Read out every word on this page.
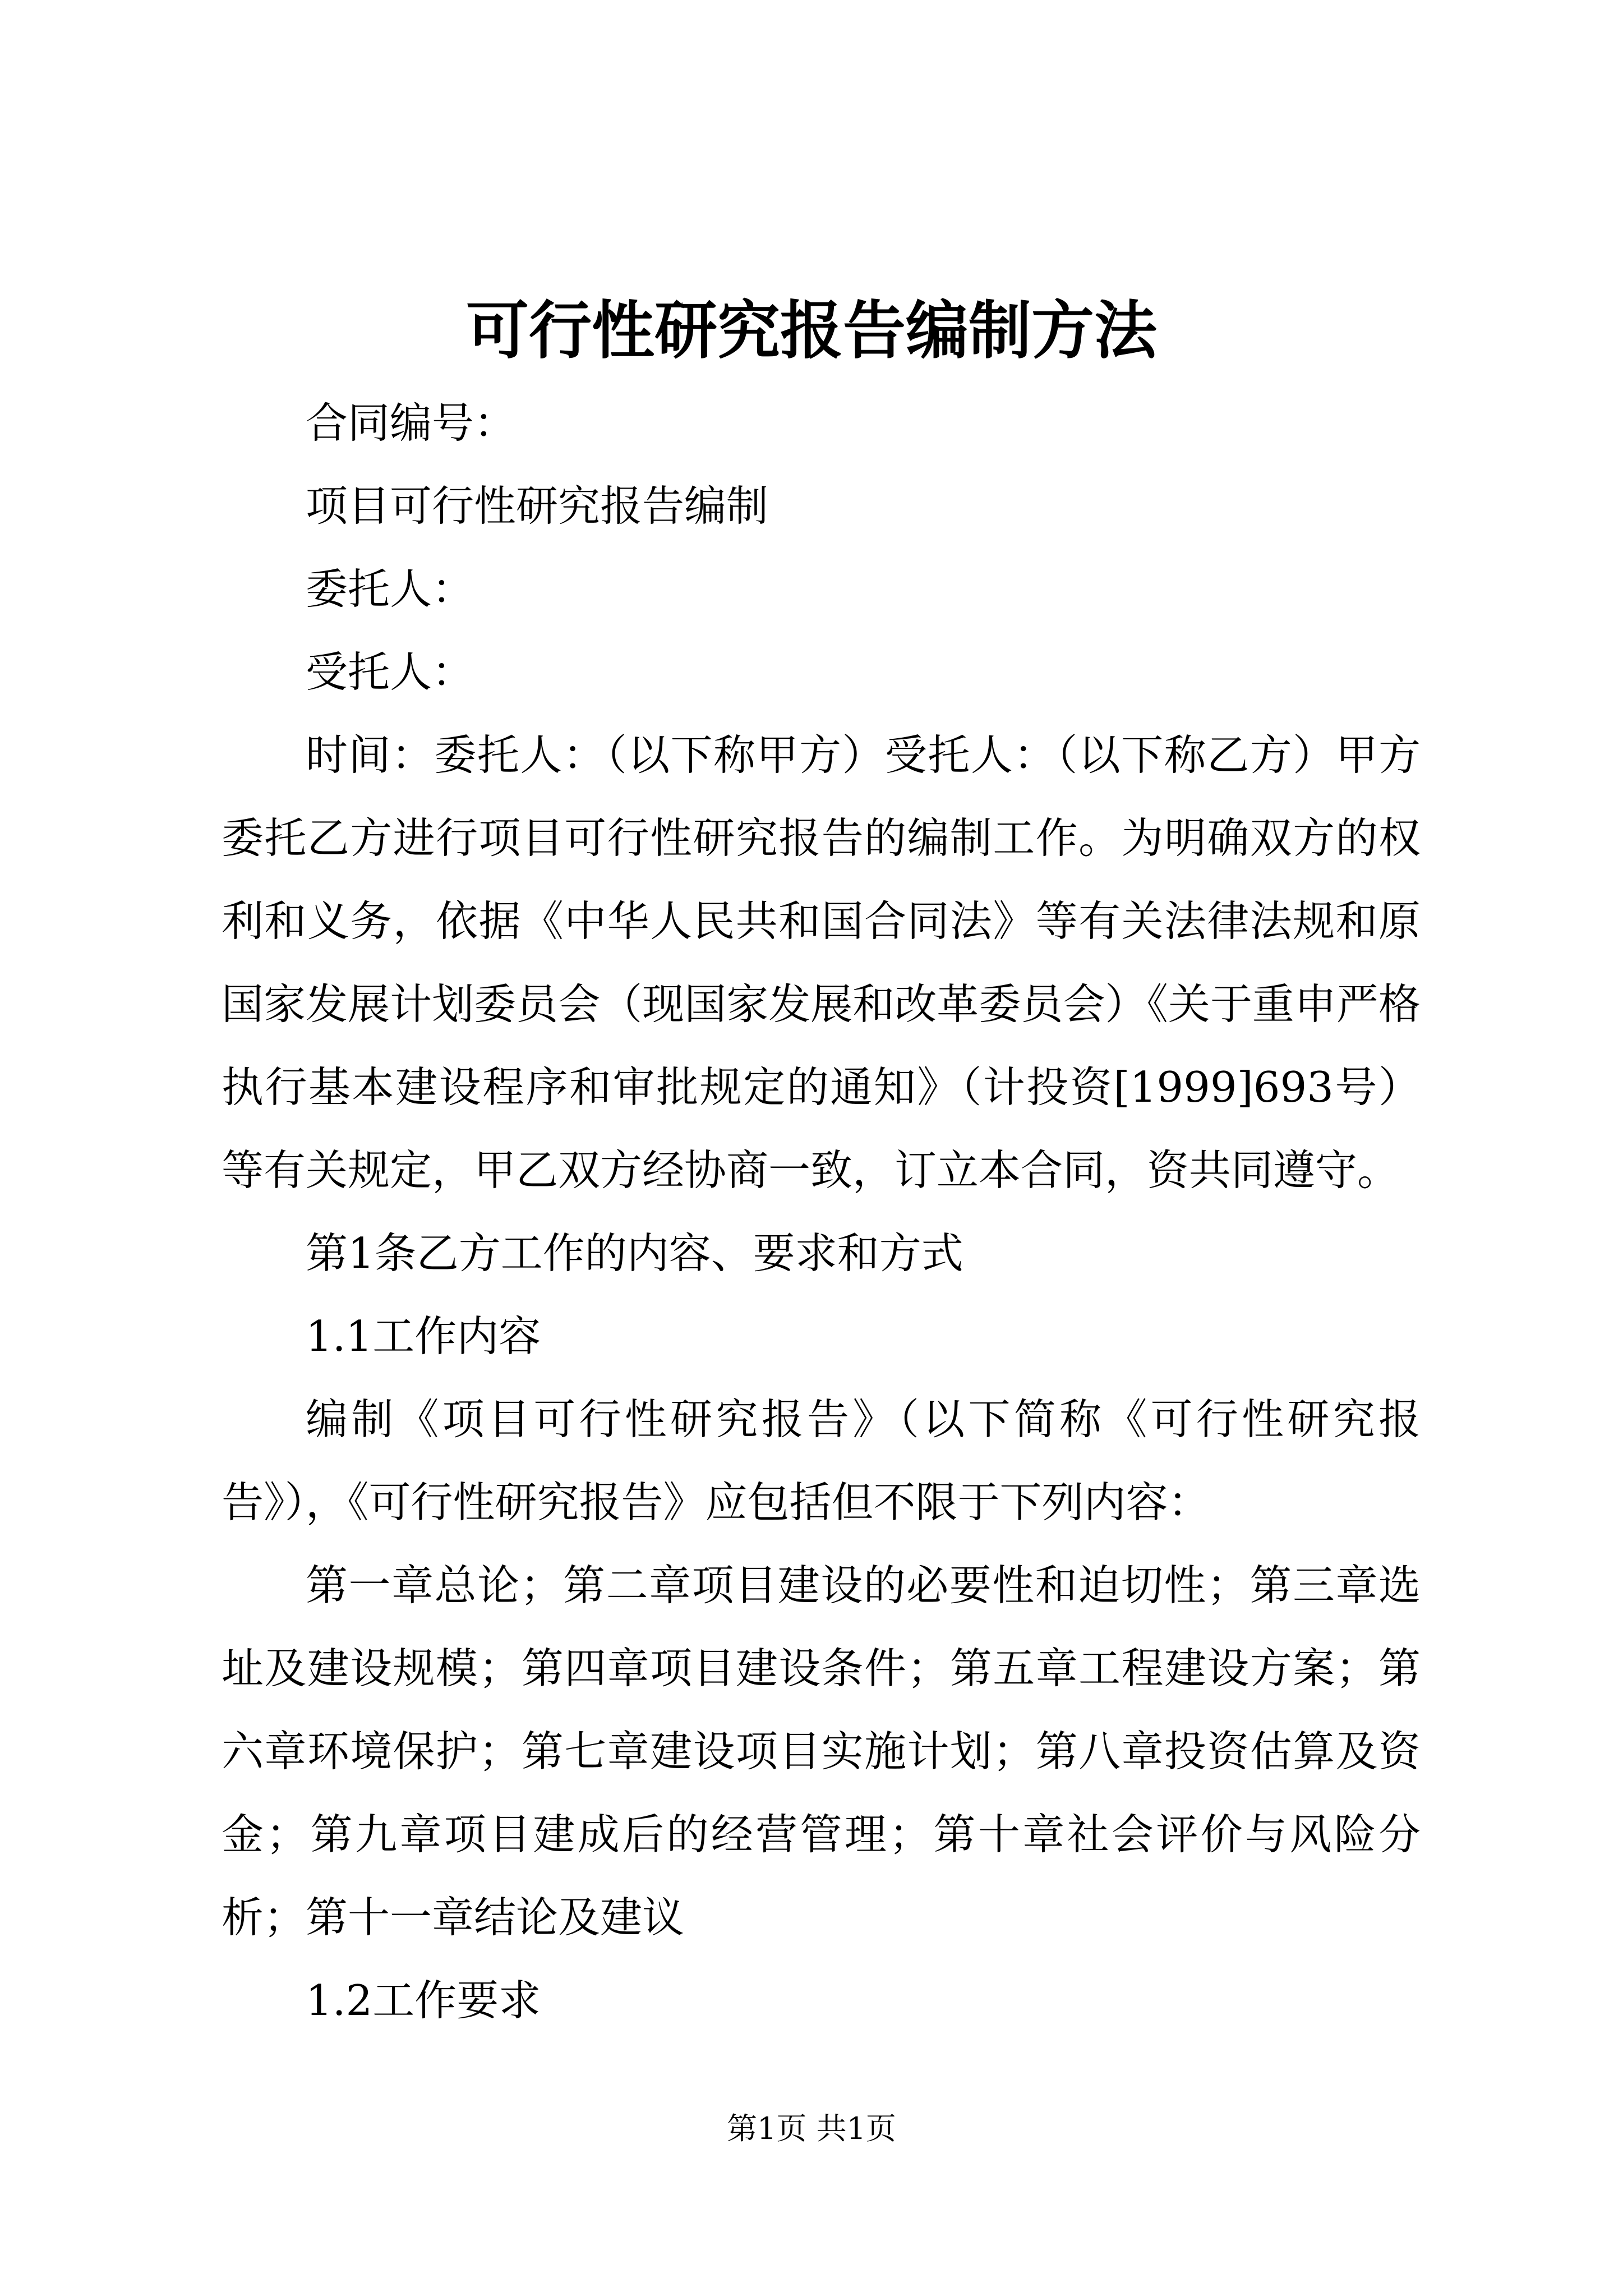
可行性研究报告编制方法

合同编号：

项目可行性研究报告编制

委托人：

受托人：

时间：委托人：（以下称甲方）受托人：（以下称乙方）甲方委托乙方进行项目可行性研究报告的编制工作。为明确双方的权利和义务，依据《中华人民共和国合同法》等有关法律法规和原国家发展计划委员会（现国家发展和改革委员会）《关于重申严格执行基本建设程序和审批规定的通知》（计投资[1999]693号）等有关规定，甲乙双方经协商一致，订立本合同，资共同遵守。

第1条乙方工作的内容、要求和方式

1.1工作内容

编制《项目可行性研究报告》（以下简称《可行性研究报告》），《可行性研究报告》应包括但不限于下列内容：

第一章总论；第二章项目建设的必要性和迫切性；第三章选址及建设规模；第四章项目建设条件；第五章工程建设方案；第六章环境保护；第七章建设项目实施计划；第八章投资估算及资金；第九章项目建成后的经营管理；第十章社会评价与风险分析；第十一章结论及建议

1.2工作要求

第1页 共1页
